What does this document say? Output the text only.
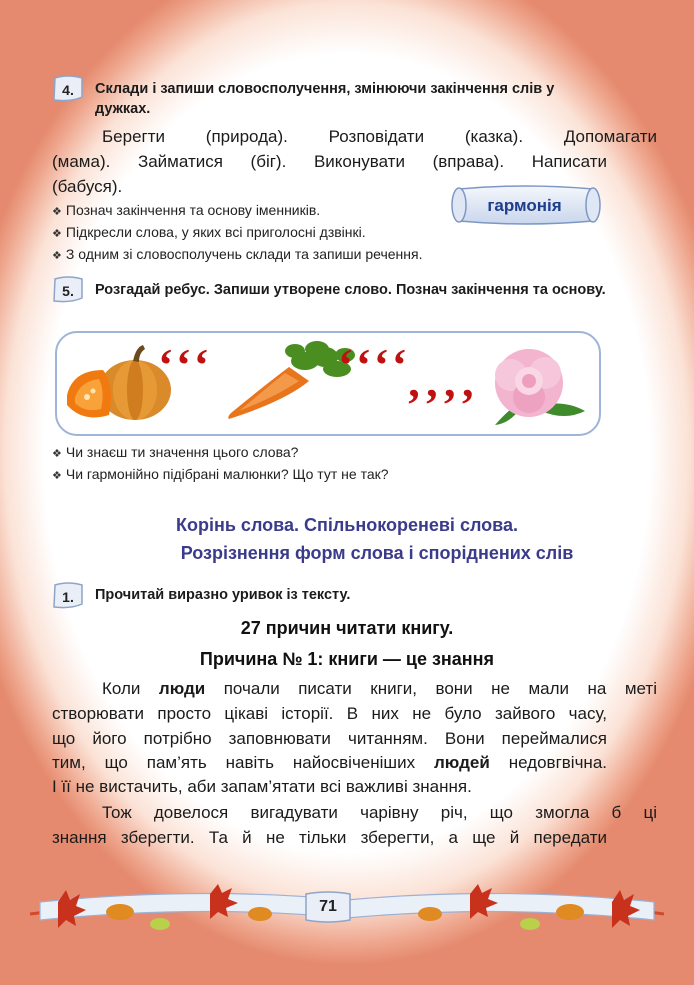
4.	Склади і запиши словосполучення, змінюючи закінчення слів у дужках.

Берегти (природа). Розповідати (казка). Допомагати

(мама). Займатися (біг). Виконувати (вправа). Написати

(бабуся).

❖ Познач закінчення та основу іменників.
❖ Підкресли слова, у яких всі приголосні дзвінкі.
❖ З одним зі словосполучень склади та запиши речення.
гармонія
5.	Розгадай ребус. Запиши утворене слово. Познач закінчення та основу.
‘‘‘	‘‘‘‘
’’’’
❖ Чи знаєш ти значення цього слова?
❖ Чи гармонійно підібрані малюнки? Що тут не так?
Корінь слова. Спільнокореневі слова.
Розрізнення форм слова і споріднених слів
1.	Прочитай виразно уривок із тексту.
27 причин читати книгу.
Причина № 1: книги — це знання

Коли люди почали писати книги, вони не мали на меті

створювати просто цікаві історії. В них не було зайвого часу,

що його потрібно заповнювати читанням. Вони переймалися

тим, що пам’ять навіть найосвіченіших людей недовгвічна.

І її не вистачить, аби запам’ятати всі важливі знання.

Тож довелося вигадувати чарівну річ, що змогла б ці

знання зберегти. Та й не тільки зберегти, а ще й передати

71
